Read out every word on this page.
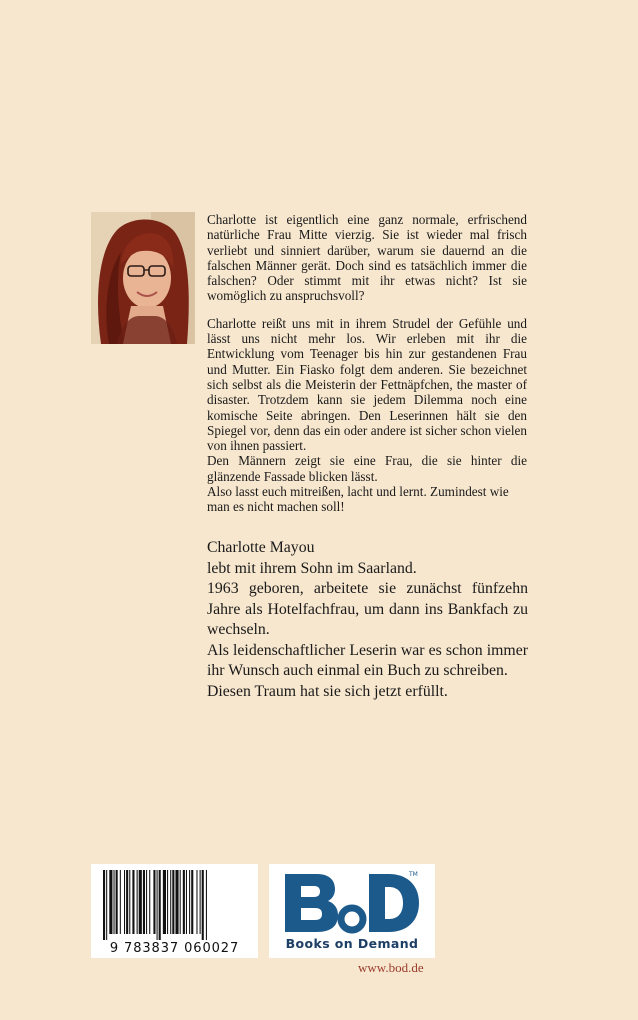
Charlotte ist eigentlich eine ganz normale, erfrischend natürliche Frau Mitte vierzig. Sie ist wieder mal frisch verliebt und sinniert darüber, warum sie dauernd an die falschen Männer gerät. Doch sind es tatsächlich immer die falschen? Oder stimmt mit ihr etwas nicht? Ist sie womöglich zu anspruchsvoll?

Charlotte reißt uns mit in ihrem Strudel der Gefühle und lässt uns nicht mehr los. Wir erleben mit ihr die Entwicklung vom Teenager bis hin zur gestandenen Frau und Mutter. Ein Fiasko folgt dem anderen. Sie bezeichnet sich selbst als die Meisterin der Fettnäpfchen, the master of disaster. Trotzdem kann sie jedem Dilemma noch eine komische Seite abringen. Den Leserinnen hält sie den Spiegel vor, denn das ein oder andere ist sicher schon vielen von ihnen passiert.

Den Männern zeigt sie eine Frau, die sie hinter die glänzende Fassade blicken lässt.

Also lasst euch mitreißen, lacht und lernt. Zumindest wie man es nicht machen soll!

Charlotte Mayou

lebt mit ihrem Sohn im Saarland.

1963 geboren, arbeitete sie zunächst fünfzehn Jahre als Hotelfachfrau, um dann ins Bankfach zu wechseln.

Als leidenschaftlicher Leserin war es schon immer ihr Wunsch auch einmal ein Buch zu schreiben.

Diesen Traum hat sie sich jetzt erfüllt.

9 783837 060027
TM
Books on Demand
www.bod.de
